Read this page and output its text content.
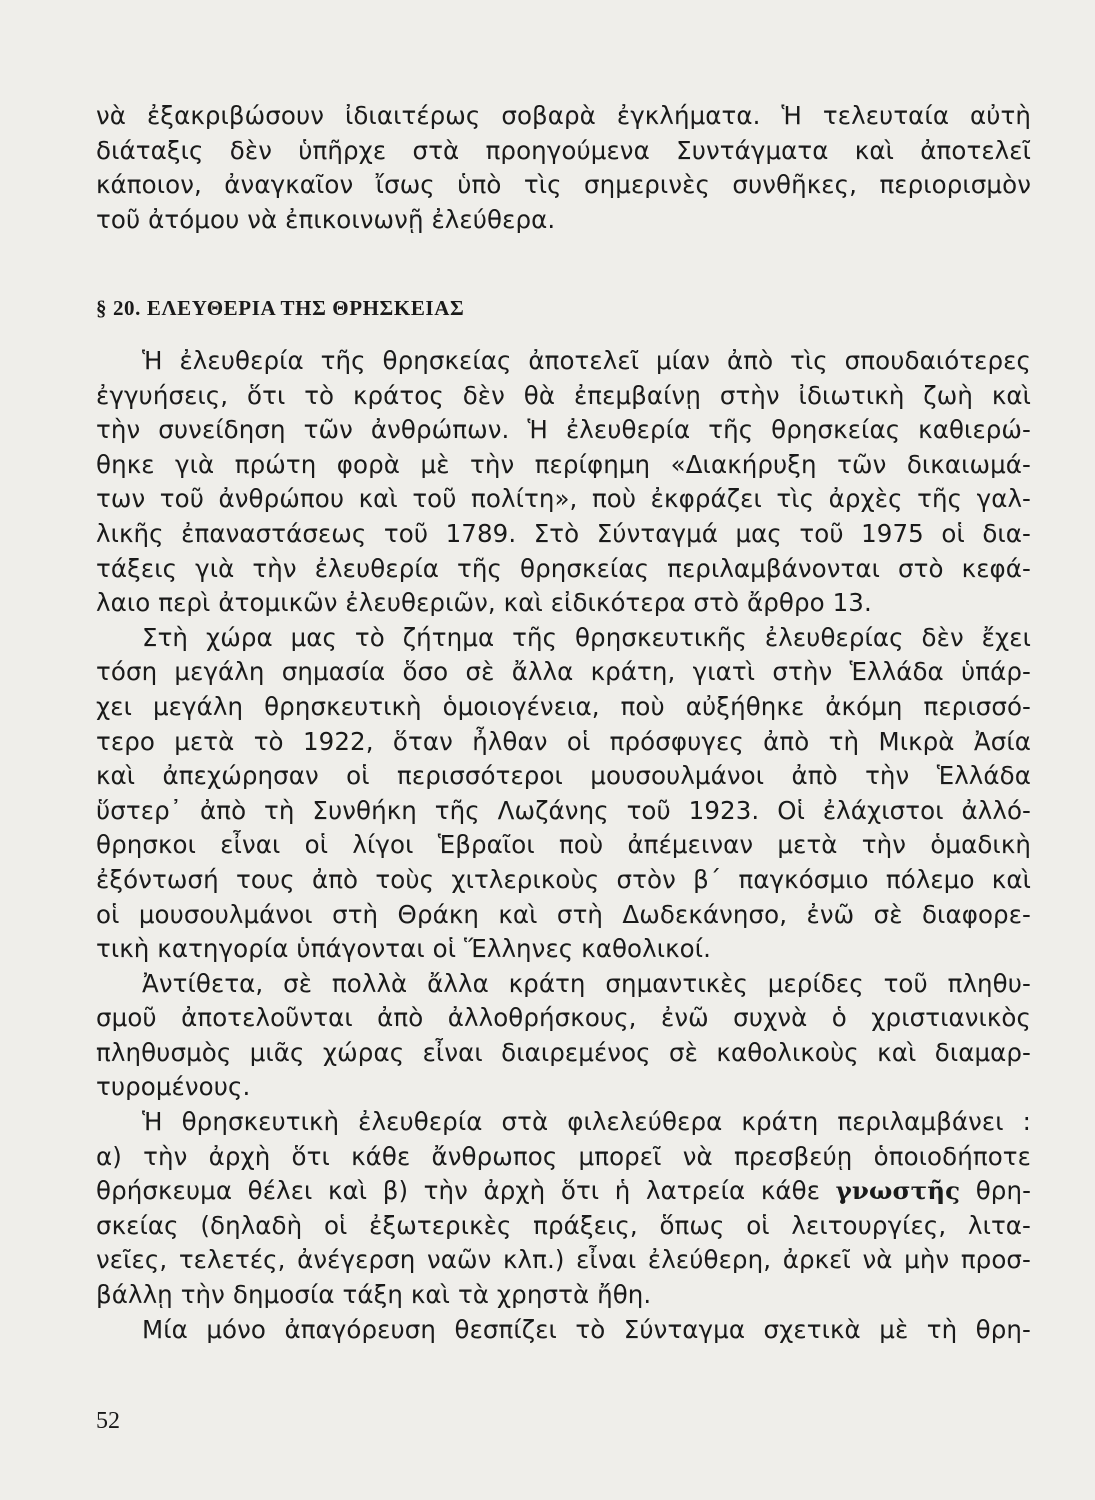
νὰ ἐξακριβώσουν ἰδιαιτέρως σοβαρὰ ἐγκλήματα. Ἡ τελευταία αὐτὴ
διάταξις δὲν ὑπῆρχε στὰ προηγούμενα Συντάγματα καὶ ἀποτελεῖ
κάποιον, ἀναγκαῖον ἴσως ὑπὸ τὶς σημερινὲς συνθῆκες, περιορισμὸν
τοῦ ἀτόμου νὰ ἐπικοινωνῇ ἐλεύθερα.
§ 20. ΕΛΕΥΘΕΡΙΑ ΤΗΣ ΘΡΗΣΚΕΙΑΣ
Ἡ ἐλευθερία τῆς θρησκείας ἀποτελεῖ μίαν ἀπὸ τὶς σπουδαιότερες
ἐγγυήσεις, ὅτι τὸ κράτος δὲν θὰ ἐπεμβαίνῃ στὴν ἰδιωτικὴ ζωὴ καὶ
τὴν συνείδηση τῶν ἀνθρώπων. Ἡ ἐλευθερία τῆς θρησκείας καθιερώ-
θηκε γιὰ πρώτη φορὰ μὲ τὴν περίφημη «Διακήρυξη τῶν δικαιωμά-
των τοῦ ἀνθρώπου καὶ τοῦ πολίτη», ποὺ ἐκφράζει τὶς ἀρχὲς τῆς γαλ-
λικῆς ἐπαναστάσεως τοῦ 1789. Στὸ Σύνταγμά μας τοῦ 1975 οἱ δια-
τάξεις γιὰ τὴν ἐλευθερία τῆς θρησκείας περιλαμβάνονται στὸ κεφά-
λαιο περὶ ἀτομικῶν ἐλευθεριῶν, καὶ εἰδικότερα στὸ ἄρθρο 13.
Στὴ χώρα μας τὸ ζήτημα τῆς θρησκευτικῆς ἐλευθερίας δὲν ἔχει
τόση μεγάλη σημασία ὅσο σὲ ἄλλα κράτη, γιατὶ στὴν Ἑλλάδα ὑπάρ-
χει μεγάλη θρησκευτικὴ ὁμοιογένεια, ποὺ αὐξήθηκε ἀκόμη περισσό-
τερο μετὰ τὸ 1922, ὅταν ἦλθαν οἱ πρόσφυγες ἀπὸ τὴ Μικρὰ Ἀσία
καὶ ἀπεχώρησαν οἱ περισσότεροι μουσουλμάνοι ἀπὸ τὴν Ἑλλάδα
ὕστερ᾽ ἀπὸ τὴ Συνθήκη τῆς Λωζάνης τοῦ 1923. Οἱ ἐλάχιστοι ἀλλό-
θρησκοι εἶναι οἱ λίγοι Ἑβραῖοι ποὺ ἀπέμειναν μετὰ τὴν ὁμαδικὴ
ἐξόντωσή τους ἀπὸ τοὺς χιτλερικοὺς στὸν β΄ παγκόσμιο πόλεμο καὶ
οἱ μουσουλμάνοι στὴ Θράκη καὶ στὴ Δωδεκάνησο, ἐνῶ σὲ διαφορε-
τικὴ κατηγορία ὑπάγονται οἱ Ἕλληνες καθολικοί.
Ἀντίθετα, σὲ πολλὰ ἄλλα κράτη σημαντικὲς μερίδες τοῦ πληθυ-
σμοῦ ἀποτελοῦνται ἀπὸ ἀλλοθρήσκους, ἐνῶ συχνὰ ὁ χριστιανικὸς
πληθυσμὸς μιᾶς χώρας εἶναι διαιρεμένος σὲ καθολικοὺς καὶ διαμαρ-
τυρομένους.
Ἡ θρησκευτικὴ ἐλευθερία στὰ φιλελεύθερα κράτη περιλαμβάνει :
α) τὴν ἀρχὴ ὅτι κάθε ἄνθρωπος μπορεῖ νὰ πρεσβεύῃ ὁποιοδήποτε
θρήσκευμα θέλει καὶ β) τὴν ἀρχὴ ὅτι ἡ λατρεία κάθε γνωστῆς θρη-
σκείας (δηλαδὴ οἱ ἐξωτερικὲς πράξεις, ὅπως οἱ λειτουργίες, λιτα-
νεῖες, τελετές, ἀνέγερση ναῶν κλπ.) εἶναι ἐλεύθερη, ἀρκεῖ νὰ μὴν προσ-
βάλλῃ τὴν δημοσία τάξη καὶ τὰ χρηστὰ ἤθη.
Μία μόνο ἀπαγόρευση θεσπίζει τὸ Σύνταγμα σχετικὰ μὲ τὴ θρη-
52
